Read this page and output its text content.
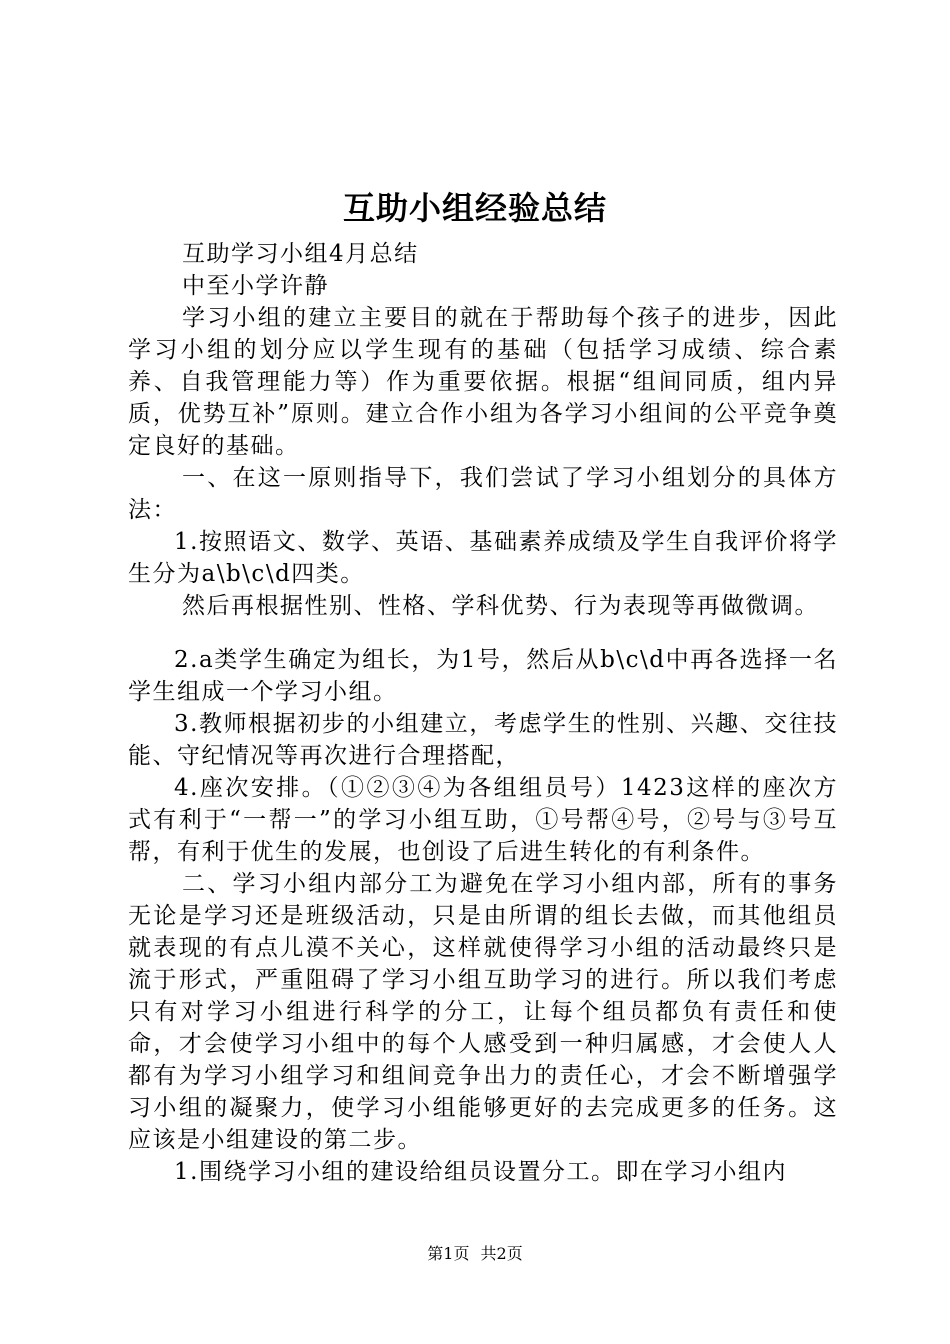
互助小组经验总结

互助学习小组4月总结

中至小学许静

学习小组的建立主要目的就在于帮助每个孩子的进步，因此学习小组的划分应以学生现有的基础（包括学习成绩、综合素养、自我管理能力等）作为重要依据。根据“组间同质，组内异质，优势互补”原则。建立合作小组为各学习小组间的公平竞争奠定良好的基础。

一、在这一原则指导下，我们尝试了学习小组划分的具体方法：

1.按照语文、数学、英语、基础素养成绩及学生自我评价将学生分为a\b\c\d四类。

然后再根据性别、性格、学科优势、行为表现等再做微调。

2.a类学生确定为组长，为1号，然后从b\c\d中再各选择一名学生组成一个学习小组。

3.教师根据初步的小组建立，考虑学生的性别、兴趣、交往技能、守纪情况等再次进行合理搭配，

4.座次安排。（①②③④为各组组员号）1423这样的座次方式有利于“一帮一”的学习小组互助，①号帮④号，②号与③号互帮，有利于优生的发展，也创设了后进生转化的有利条件。

二、学习小组内部分工为避免在学习小组内部，所有的事务无论是学习还是班级活动，只是由所谓的组长去做，而其他组员就表现的有点儿漠不关心，这样就使得学习小组的活动最终只是流于形式，严重阻碍了学习小组互助学习的进行。所以我们考虑只有对学习小组进行科学的分工，让每个组员都负有责任和使命，才会使学习小组中的每个人感受到一种归属感，才会使人人都有为学习小组学习和组间竞争出力的责任心，才会不断增强学习小组的凝聚力，使学习小组能够更好的去完成更多的任务。这应该是小组建设的第二步。

1.围绕学习小组的建设给组员设置分工。即在学习小组内

第1页 共2页
